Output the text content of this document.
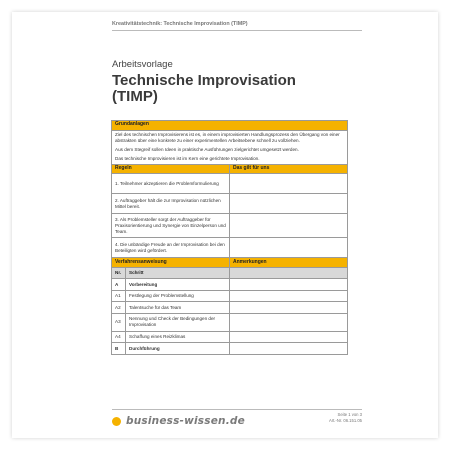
Kreativitätstechnik: Technische Improvisation (TIMP)
Arbeitsvorlage
Technische Improvisation
(TIMP)
Grundanlagen		

Ziel des technischen Improvisierens ist es, in einem improvisierten Handlungsprozess den Übergang von einer abstrakten über eine konkrete zu einer experimentellen Arbeitsebene schnell zu vollziehen.

Aus dem Stegreif sollen Ideen in praktische Ausführungen zielgerichtet umgesetzt werden.

Das technische Improvisieren ist im Kern eine gerichtete Improvisation.		

Regeln		Das gilt für uns
1. Teilnehmer akzeptieren die Problemformulierung		
2. Auftraggeber hält die zur Improvisation nützlichen Mittel bereit.		
3. Als Problemsteller sorgt der Auftraggeber für Praxisorientierung und Synergie von Einzelperson und Team.		
4. Die unbändige Freude an der Improvisation bei den Beteiligten wird gefördert.		
Verfahrensanweisung		Anmerkungen
Nr.	Schritt	
A	Vorbereitung	
A1	Festlegung der Problemstellung	
A2	Talentsuche für das Team	
A3	Nennung und Check der Bedingungen der Improvisation	
A4	Schaffung eines Reizklimas	
B	Durchführung	
business-wissen.de
Seite 1 von 3
Art.-Nr. 06.151.05
